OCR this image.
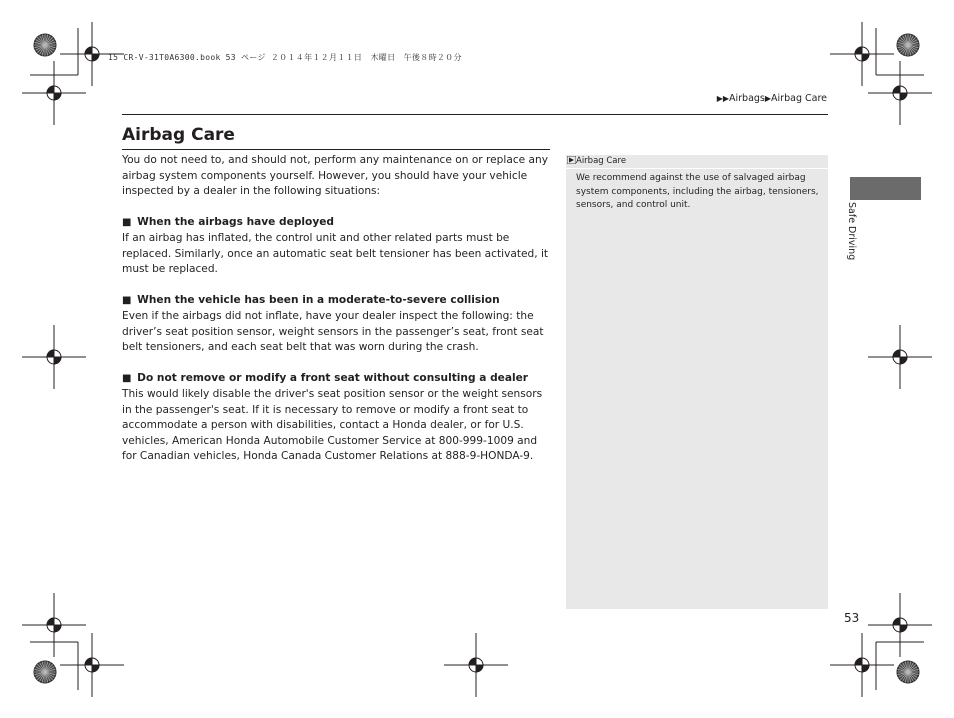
15 CR-V-31T0A6300.book 53 ページ ２０１４年１２月１１日　木曜日　午後８時２０分
▶▶Airbags▶Airbag Care
Airbag Care

You do not need to, and should not, perform any maintenance on or replace any airbag system components yourself. However, you should have your vehicle inspected by a dealer in the following situations:

■ When the airbags have deployed

If an airbag has inflated, the control unit and other related parts must be replaced. Similarly, once an automatic seat belt tensioner has been activated, it must be replaced.

■ When the vehicle has been in a moderate-to-severe collision

Even if the airbags did not inflate, have your dealer inspect the following: the driver’s seat position sensor, weight sensors in the passenger’s seat, front seat belt tensioners, and each seat belt that was worn during the crash.

■ Do not remove or modify a front seat without consulting a dealer

This would likely disable the driver's seat position sensor or the weight sensors in the passenger's seat. If it is necessary to remove or modify a front seat to accommodate a person with disabilities, contact a Honda dealer, or for U.S. vehicles, American Honda Automobile Customer Service at 800-999-1009 and for Canadian vehicles, Honda Canada Customer Relations at 888-9-HONDA-9.

Airbag Care
We recommend against the use of salvaged airbag system components, including the airbag, tensioners, sensors, and control unit.	Safe Driving
53
